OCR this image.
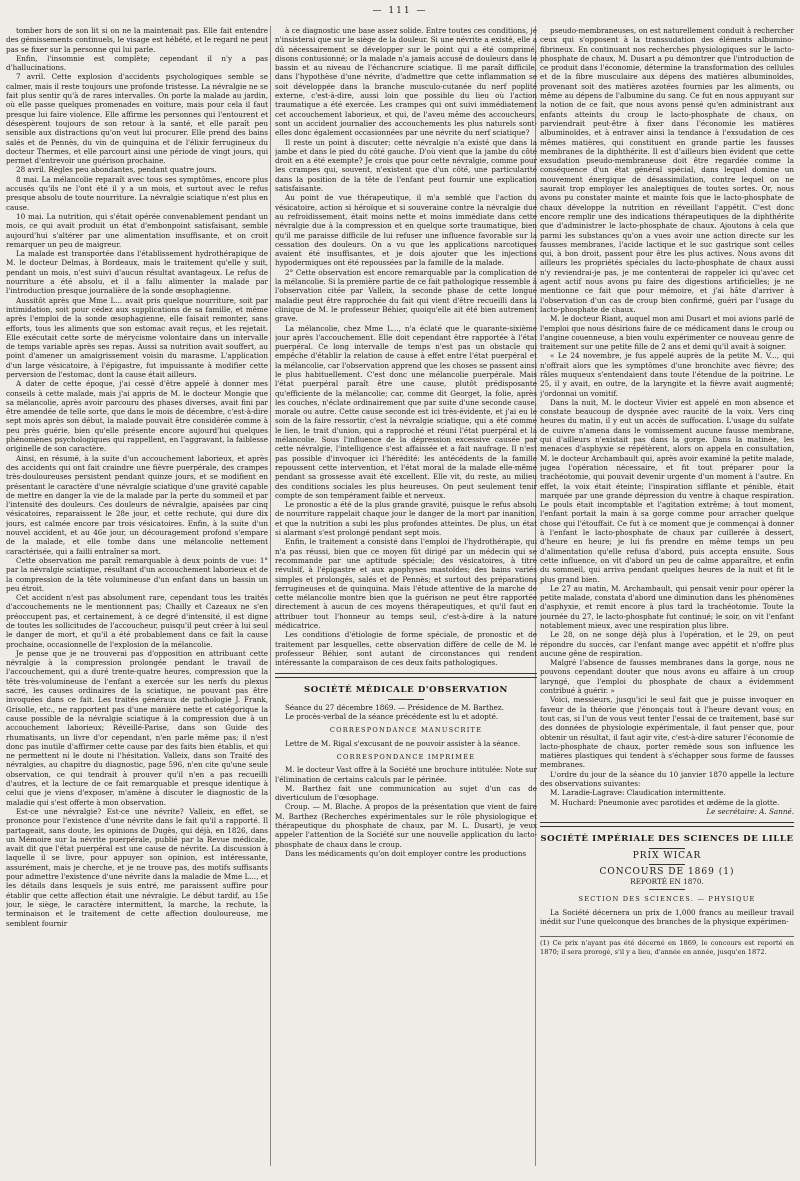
— 111 —

tomber hors de son lit si on ne la maintenait pas. Elle fait entendre des gémissements continuels, le visage est hébété, et le regard ne peut pas se fixer sur la personne qui lui parle.

Enfin, l'insomnie est complète; cependant il n'y a pas d'hallucinations.

7 avril. Cette explosion d'accidents psychologiques semble se calmer, mais il reste toujours une profonde tristesse. La névralgie ne se fait plus sentir qu'à de rares intervalles. On porte la malade au jardin, où elle passe quelques promenades en voiture, mais pour cela il faut presque lui faire violence. Elle affirme les personnes qui l'entourent et désespèrent toujours de son retour à la santé, et elle paraît peu sensible aux distractions qu'on veut lui procurer. Elle prend des bains salés et de Pennès, du vin de quinquina et de l'élixir ferrugineux du docteur Thermes, et elle parcourt ainsi une période de vingt jours, qui permet d'entrevoir une guérison prochaine.

28 avril. Règles peu abondantes, pendant quatre jours.

8 mai. La mélancolie reparaît avec tous ses symptômes, encore plus accusés qu'ils ne l'ont été il y a un mois, et surtout avec le refus presque absolu de toute nourriture. La névralgie sciatique n'est plus en cause.

10 mai. La nutrition, qui s'était opérée convenablement pendant un mois, ce qui avait produit un état d'embonpoint satisfaisant, semble aujourd'hui s'altérer par une alimentation insuffisante, et on croit remarquer un peu de maigreur.

La malade est transportée dans l'établissement hydrothérapique de M. le docteur Delmas, à Bordeaux, mais le traitement qu'elle y suit, pendant un mois, n'est suivi d'aucun résultat avantageux. Le refus de nourriture a été absolu, et il a fallu alimenter la malade par l'introduction presque journalière de la sonde œsophagienne.

Aussitôt après que Mme L... avait pris quelque nourriture, soit par intimidation, soit pour cédez aux supplications de sa famille, et même après l'emploi de la sonde œsophagienne, elle faisait remonter, sans efforts, tous les aliments que son estomac avait reçus, et les rejetait. Elle exécutait cette sorte de mérycisme volontaire dans un intervalle de temps variable après ses repas. Aussi sa nutrition avait souffert, au point d'amener un amaigrissement voisin du marasme. L'application d'un large vésicatoire, à l'épigastre, fut impuissante à modifier cette perversion de l'estomac, dont la cause était ailleurs.

A dater de cette époque, j'ai cessé d'être appelé à donner mes conseils à cette malade, mais j'ai appris de M. le docteur Mongie que sa mélancolie, après avoir parcouru des phases diverses, avait fini par être amendée de telle sorte, que dans le mois de décembre, c'est-à-dire sept mois après son début, la malade pouvait être considérée comme à peu près guérie, bien qu'elle présente encore aujourd'hui quelques phénomènes psychologiques qui rappellent, en l'aggravant, la faiblesse originelle de son caractère.

Ainsi, en résumé, à la suite d'un accouchement laborieux, et après des accidents qui ont fait craindre une fièvre puerpérale, des crampes très-douloureuses persistent pendant quinze jours, et se modifient en présentant le caractère d'une névralgie sciatique d'une gravité capable de mettre en danger la vie de la malade par la perte du sommeil et par l'intensité des douleurs. Ces douleurs de névralgie, apaisées par cinq vésicatoires, reparaissent le 28e jour, et cette rechute, qui dure dix jours, est calmée encore par trois vésicatoires. Enfin, à la suite d'un nouvel accident, et au 46e jour, un découragement profond s'empare de la malade, et elle tombe dans une mélancolie nettement caractérisée, qui a failli entraîner sa mort.

Cette observation me paraît remarquable à deux points de vue: 1° par la névralgie sciatique, résultant d'un accouchement laborieux et de la compression de la tête volumineuse d'un enfant dans un bassin un peu étroit.

Cet accident n'est pas absolument rare, cependant tous les traités d'accouchements ne le mentionnent pas; Chailly et Cazeaux ne s'en préoccupent pas, et certainement, à ce degré d'intensité, il est digne de toutes les sollicitudes de l'accoucheur, puisqu'il peut créer à lui seul le danger de mort, et qu'il a été probablement dans ce fait la cause prochaine, occasionnelle de l'explosion de la mélancolie.

Je pense que je ne trouverai pas d'opposition en attribuant cette névralgie à la compression prolongée pendant le travail de l'accouchement, qui a duré trente-quatre heures, compression que la tête très-volumineuse de l'enfant a exercée sur les nerfs du plexus sacré, les causes ordinaires de la sciatique, ne pouvant pas être invoquées dans ce fait. Les traités généraux de pathologie J. Frank, Grisolle, etc., ne rapportent pas d'une manière nette et catégorique la cause possible de la névralgie sciatique à la compression due à un accouchement laborieux; Réveillé-Parise, dans son Guide des rhumatisants, un livre d'or cependant, n'en parle même pas; il n'est donc pas inutile d'affirmer cette cause par des faits bien établis, et qui ne permettent ni le doute ni l'hésitation. Valleix, dans son Traité des névralgies, au chapitre du diagnostic, page 596, n'en cite qu'une seule observation, ce qui tendrait à prouver qu'il n'en a pas recueilli d'autres, et la lecture de ce fait remarquable et presque identique à celui que je viens d'exposer, m'amène à discuter le diagnostic de la maladie qui s'est offerte à mon observation.

Est-ce une névralgie? Est-ce une névrite? Valleix, en effet, se prononce pour l'existence d'une névrite dans le fait qu'il a rapporté. Il partageait, sans doute, les opinions de Dugès, qui déjà, en 1826, dans un Mémoire sur la névrite puerpérale, publié par la Revue médicale, avait dit que l'état puerpéral est une cause de névrite. La discussion à laquelle il se livre, pour appuyer son opinion, est intéressante, assurément, mais je cherche, et je ne trouve pas, des motifs suffisants pour admettre l'existence d'une névrite dans la maladie de Mme L..., et les détails dans lesquels je suis entré, me paraissent suffire pour établir que cette affection était une névralgie. Le début tardif, au 15e jour, le siège, le caractère intermittent, la marche, la rechute, la terminaison et le traitement de cette affection douloureuse, me semblent fournir

à ce diagnostic une base assez solide. Entre toutes ces conditions, je n'insisterai que sur le siège de la douleur. Si une névrite a existé, elle a dû nécessairement se développer sur le point qui a été comprimé, disons contusionné; or la malade n'a jamais accusé de douleurs dans le bassin et au niveau de l'échancrure sciatique. Il me paraît difficile, dans l'hypothèse d'une névrite, d'admettre que cette inflammation se soit développée dans la branche musculo-cutanée du nerf poplité externe, c'est-à-dire, aussi loin que possible du lieu où l'action traumatique a été exercée. Les crampes qui ont suivi immédiatement cet accouchement laborieux, et qui, de l'aveu même des accoucheurs, sont un accident journalier des accouchements les plus naturels sont-elles donc également occasionnées par une névrite du nerf sciatique?

Il reste un point à discuter; cette névralgie n'a existé que dans la jambe et dans le pied du côté gauche. D'où vient que la jambe du côté droit en a été exempte? Je crois que pour cette névralgie, comme pour les crampes qui, souvent, n'existent que d'un côté, une particularité dans la position de la tête de l'enfant peut fournir une explication satisfaisante.

Au point de vue thérapeutique, il m'a semblé que l'action du vésicatoire, action si héroïque et si souveraine contre la névralgie due au refroidissement, était moins nette et moins immédiate dans cette névralgie due à la compression et en quelque sorte traumatique, bien qu'il me paraisse difficile de lui refuser une influence favorable sur la cessation des douleurs. On a vu que les applications narcotiques avaient été insuffisantes, et je dois ajouter que les injections hypodermiques ont été repoussées par la famille de la malade.

2° Cette observation est encore remarquable par la complication de la mélancolie. Si la première partie de ce fait pathologique ressemble à l'observation citée par Valleix, la seconde phase de cette longue maladie peut être rapprochée du fait qui vient d'être recueilli dans la clinique de M. le professeur Béhier, quoiqu'elle ait été bien autrement grave.

La mélancolie, chez Mme L..., n'a éclaté que le quarante-sixième jour après l'accouchement. Elle doit cependant être rapportée à l'état puerpéral. Ce long intervalle de temps n'est pas un obstacle qui empêche d'établir la relation de cause à effet entre l'état puerpéral et la mélancolie, car l'observation apprend que les choses se passent ainsi le plus habituellement. C'est donc une mélancolie puerpérale. Mais l'état puerpéral paraît être une cause, plutôt prédisposante qu'efficiente de la mélancolie; car, comme dit Georget, la folie, après les couches, n'éclate ordinairement que par suite d'une seconde cause, morale ou autre. Cette cause seconde est ici très-évidente, et j'ai eu le soin de la faire ressortir, c'est la névralgie sciatique, qui a été comme le lien, le trait d'union, qui a rapproché et réuni l'état puerpéral et la mélancolie. Sous l'influence de la dépression excessive causée par cette névralgie, l'intelligence s'est affaissée et a fait naufrage. Il n'est pas possible d'invoquer ici l'hérédité: les antécédents de la famille repoussent cette intervention, et l'état moral de la malade elle-même pendant sa grossesse avait été excellent. Elle vit, du reste, au milieu des conditions sociales les plus heureuses. On peut seulement tenir compte de son tempérament faible et nerveux.

Le pronostic a été de la plus grande gravité, puisque le refus absolu de nourriture rappelait chaque jour le danger de la mort par inanition, et que la nutrition a subi les plus profondes atteintes. De plus, un état si alarmant s'est prolongé pendant sept mois.

Enfin, le traitement a consisté dans l'emploi de l'hydrothérapie, qui n'a pas réussi, bien que ce moyen fût dirigé par un médecin qui se recommande par une aptitude spéciale; des vésicatoires, à titre révulsif, à l'épigastre et aux apophyses mastoïdes; des bains variés simples et prolongés, salés et de Pennès; et surtout des préparations ferrugineuses et de quinquina. Mais l'étude attentive de la marche de cette mélancolie montre bien que la guérison ne peut être rapportée directement à aucun de ces moyens thérapeutiques, et qu'il faut en attribuer tout l'honneur au temps seul, c'est-à-dire à la nature médicatrice.

Les conditions d'étiologie de forme spéciale, de pronostic et de traitement par lesquelles, cette observation diffère de celle de M. le professeur Béhier, sont autant de circonstances qui rendent intéressante la comparaison de ces deux faits pathologiques.

SOCIÉTÉ MÉDICALE D'OBSERVATION

Séance du 27 décembre 1869. — Présidence de M. Barthez.

Le procès-verbal de la séance précédente est lu et adopté.

CORRESPONDANCE MANUSCRITE

Lettre de M. Rigal s'excusant de ne pouvoir assister à la séance.

CORRESPONDANCE IMPRIMÉE

M. le docteur Vast offre à la Société une brochure intitulée: Note sur l'élimination de certains calculs par le périnée.

M. Barthez fait une communication au sujet d'un cas de diverticulum de l'œsophage.

Croup. — M. Blache. A propos de la présentation que vient de faire M. Barthez (Recherches expérimentales sur le rôle physiologique et thérapeutique du phosphate de chaux, par M. L. Dusart), je veux appeler l'attention de la Société sur une nouvelle application du lacto-phosphate de chaux dans le croup.

Dans les médicaments qu'on doit employer contre les productions

pseudo-membraneuses, on est naturellement conduit à rechercher ceux qui s'opposent à la transsudation des éléments albumino-fibrineux. En continuant nos recherches physiologiques sur le lacto-phosphate de chaux, M. Dusart a pu démontrer que l'introduction de ce produit dans l'économie, détermine la transformation des cellules et de la fibre musculaire aux dépens des matières albuminoïdes, provenant soit des matières azotées fournies par les aliments, ou même au dépens de l'albumine du sang. Ce fut en nous appuyant sur la notion de ce fait, que nous avons pensé qu'en administrant aux enfants atteints du croup le lacto-phosphate de chaux, on parviendrait peut-être à fixer dans l'économie les matières albuminoïdes, et à entraver ainsi la tendance à l'exsudation de ces mêmes matières, qui constituent en grande partie les fausses membranes de la diphthérite. Il est d'ailleurs bien évident que cette exsudation pseudo-membraneuse doit être regardée comme la conséquence d'un état général spécial, dans lequel domine un mouvement énergique de désassimilation, contre lequel on ne saurait trop employer les analeptiques de toutes sortes. Or, nous avons pu constater mainte et mainte fois que le lacto-phosphate de chaux développe la nutrition en réveillant l'appétit. C'est donc encore remplir une des indications thérapeutiques de la diphthérite que d'administrer le lacto-phosphate de chaux. Ajoutons à cela que parmi les substances qu'on a vues avoir une action directe sur les fausses membranes, l'acide lactique et le suc gastrique sont celles qui, à bon droit, passent pour être les plus actives. Nous avons dit ailleurs les propriétés spéciales du lacto-phosphate de chaux aussi n'y reviendrai-je pas, je me contenterai de rappeler ici qu'avec cet agent actif nous avons pu faire des digestions artificielles; je ne mentionne ce fait que pour mémoire, et j'ai hâte d'arriver à l'observation d'un cas de croup bien confirmé, guéri par l'usage du lacto-phosphate de chaux.

M. le docteur Riant, auquel mon ami Dusart et moi avions parlé de l'emploi que nous désirions faire de ce médicament dans le croup ou l'angine couenneuse, a bien voulu expérimenter ce nouveau genre de traitement sur une petite fille de 2 ans et demi qu'il avait à soigner.

« Le 24 novembre, je fus appelé auprès de la petite M. V..., qui n'offrait alors que les symptômes d'une bronchite avec fièvre; des râles muqueux s'entendaient dans toute l'étendue de la poitrine. Le 25, il y avait, en outre, de la laryngite et la fièvre avait augmenté; j'ordonnai un vomitif.

Dans la nuit, M. le docteur Vivier est appelé en mon absence et constate beaucoup de dyspnée avec raucité de la voix. Vers cinq heures du matin, il y eut un accès de suffocation. L'usage du sulfate de cuivre n'amena dans le vomissement aucune fausse membrane, qui d'ailleurs n'existait pas dans la gorge. Dans la matinée, les menaces d'asphyxie se répétèrent, alors on appela en consultation, M. le docteur Archambault qui, après avoir examiné la petite malade, jugea l'opération nécessaire, et fit tout préparer pour la trachéotomie, qui pouvait devenir urgente d'un moment à l'autre. En effet, la voix était éteinte; l'inspiration sifflante et pénible, était marquée par une grande dépression du ventre à chaque respiration. Le pouls était incomptable et l'agitation extrême; à tout moment, l'enfant portait la main à sa gorge comme pour arracher quelque chose qui l'étouffait. Ce fut à ce moment que je commençai à donner à l'enfant le lacto-phosphate de chaux par cuillerée à dessert, d'heure en heure; je lui fis prendre en même temps un peu d'alimentation qu'elle refusa d'abord, puis accepta ensuite. Sous cette influence, on vit d'abord un peu de calme apparaître, et enfin du sommeil, qui arriva pendant quelques heures de la nuit et fit le plus grand bien.

Le 27 au matin, M. Archambault, qui pensait venir pour opérer la petite malade, constata d'abord une diminution dans les phénomènes d'asphyxie, et remit encore à plus tard la trachéotomie. Toute la journée du 27, le lacto-phosphate fut continué; le soir, on vit l'enfant notablement mieux, avec une respiration plus libre.

Le 28, on ne songe déjà plus à l'opération, et le 29, on peut répondre du succès, car l'enfant mange avec appétit et n'offre plus aucune gêne de respiration.

Malgré l'absence de fausses membranes dans la gorge, nous ne pouvons cependant douter que nous avons eu affaire à un croup laryngé, que l'emploi du phosphate de chaux a évidemment contribué à guérir. »

Voici, messieurs, jusqu'ici le seul fait que je puisse invoquer en faveur de la théorie que j'énonçais tout à l'heure devant vous; en tout cas, si l'un de vous veut tenter l'essai de ce traitement, basé sur des données de physiologie expérimentale, il faut penser que, pour obtenir un résultat, il faut agir vite, c'est-à-dire saturer l'économie de lacto-phosphate de chaux, porter remède sous son influence les matières plastiques qui tendent à s'échapper sous forme de fausses membranes.

L'ordre du jour de la séance du 10 janvier 1870 appelle la lecture des observations suivantes:

M. Laradie-Lagrave: Claudication intermittente.

M. Huchard: Pneumonie avec parotides et œdème de la glotte.

Le secrétaire: A. Sanné.

SOCIÉTÉ IMPÉRIALE DES SCIENCES DE LILLE

PRIX WICAR

CONCOURS DE 1869 (1)

REPORTÉ EN 1870.

SECTION DES SCIENCES. — PHYSIQUE

La Société décernera un prix de 1,000 francs au meilleur travail inédit sur l'une quelconque des branches de la physique expérimen-

(1) Ce prix n'ayant pas été décerné en 1869, le concours est reporté en 1870; il sera prorogé, s'il y a lieu, d'année en année, jusqu'en 1872.
